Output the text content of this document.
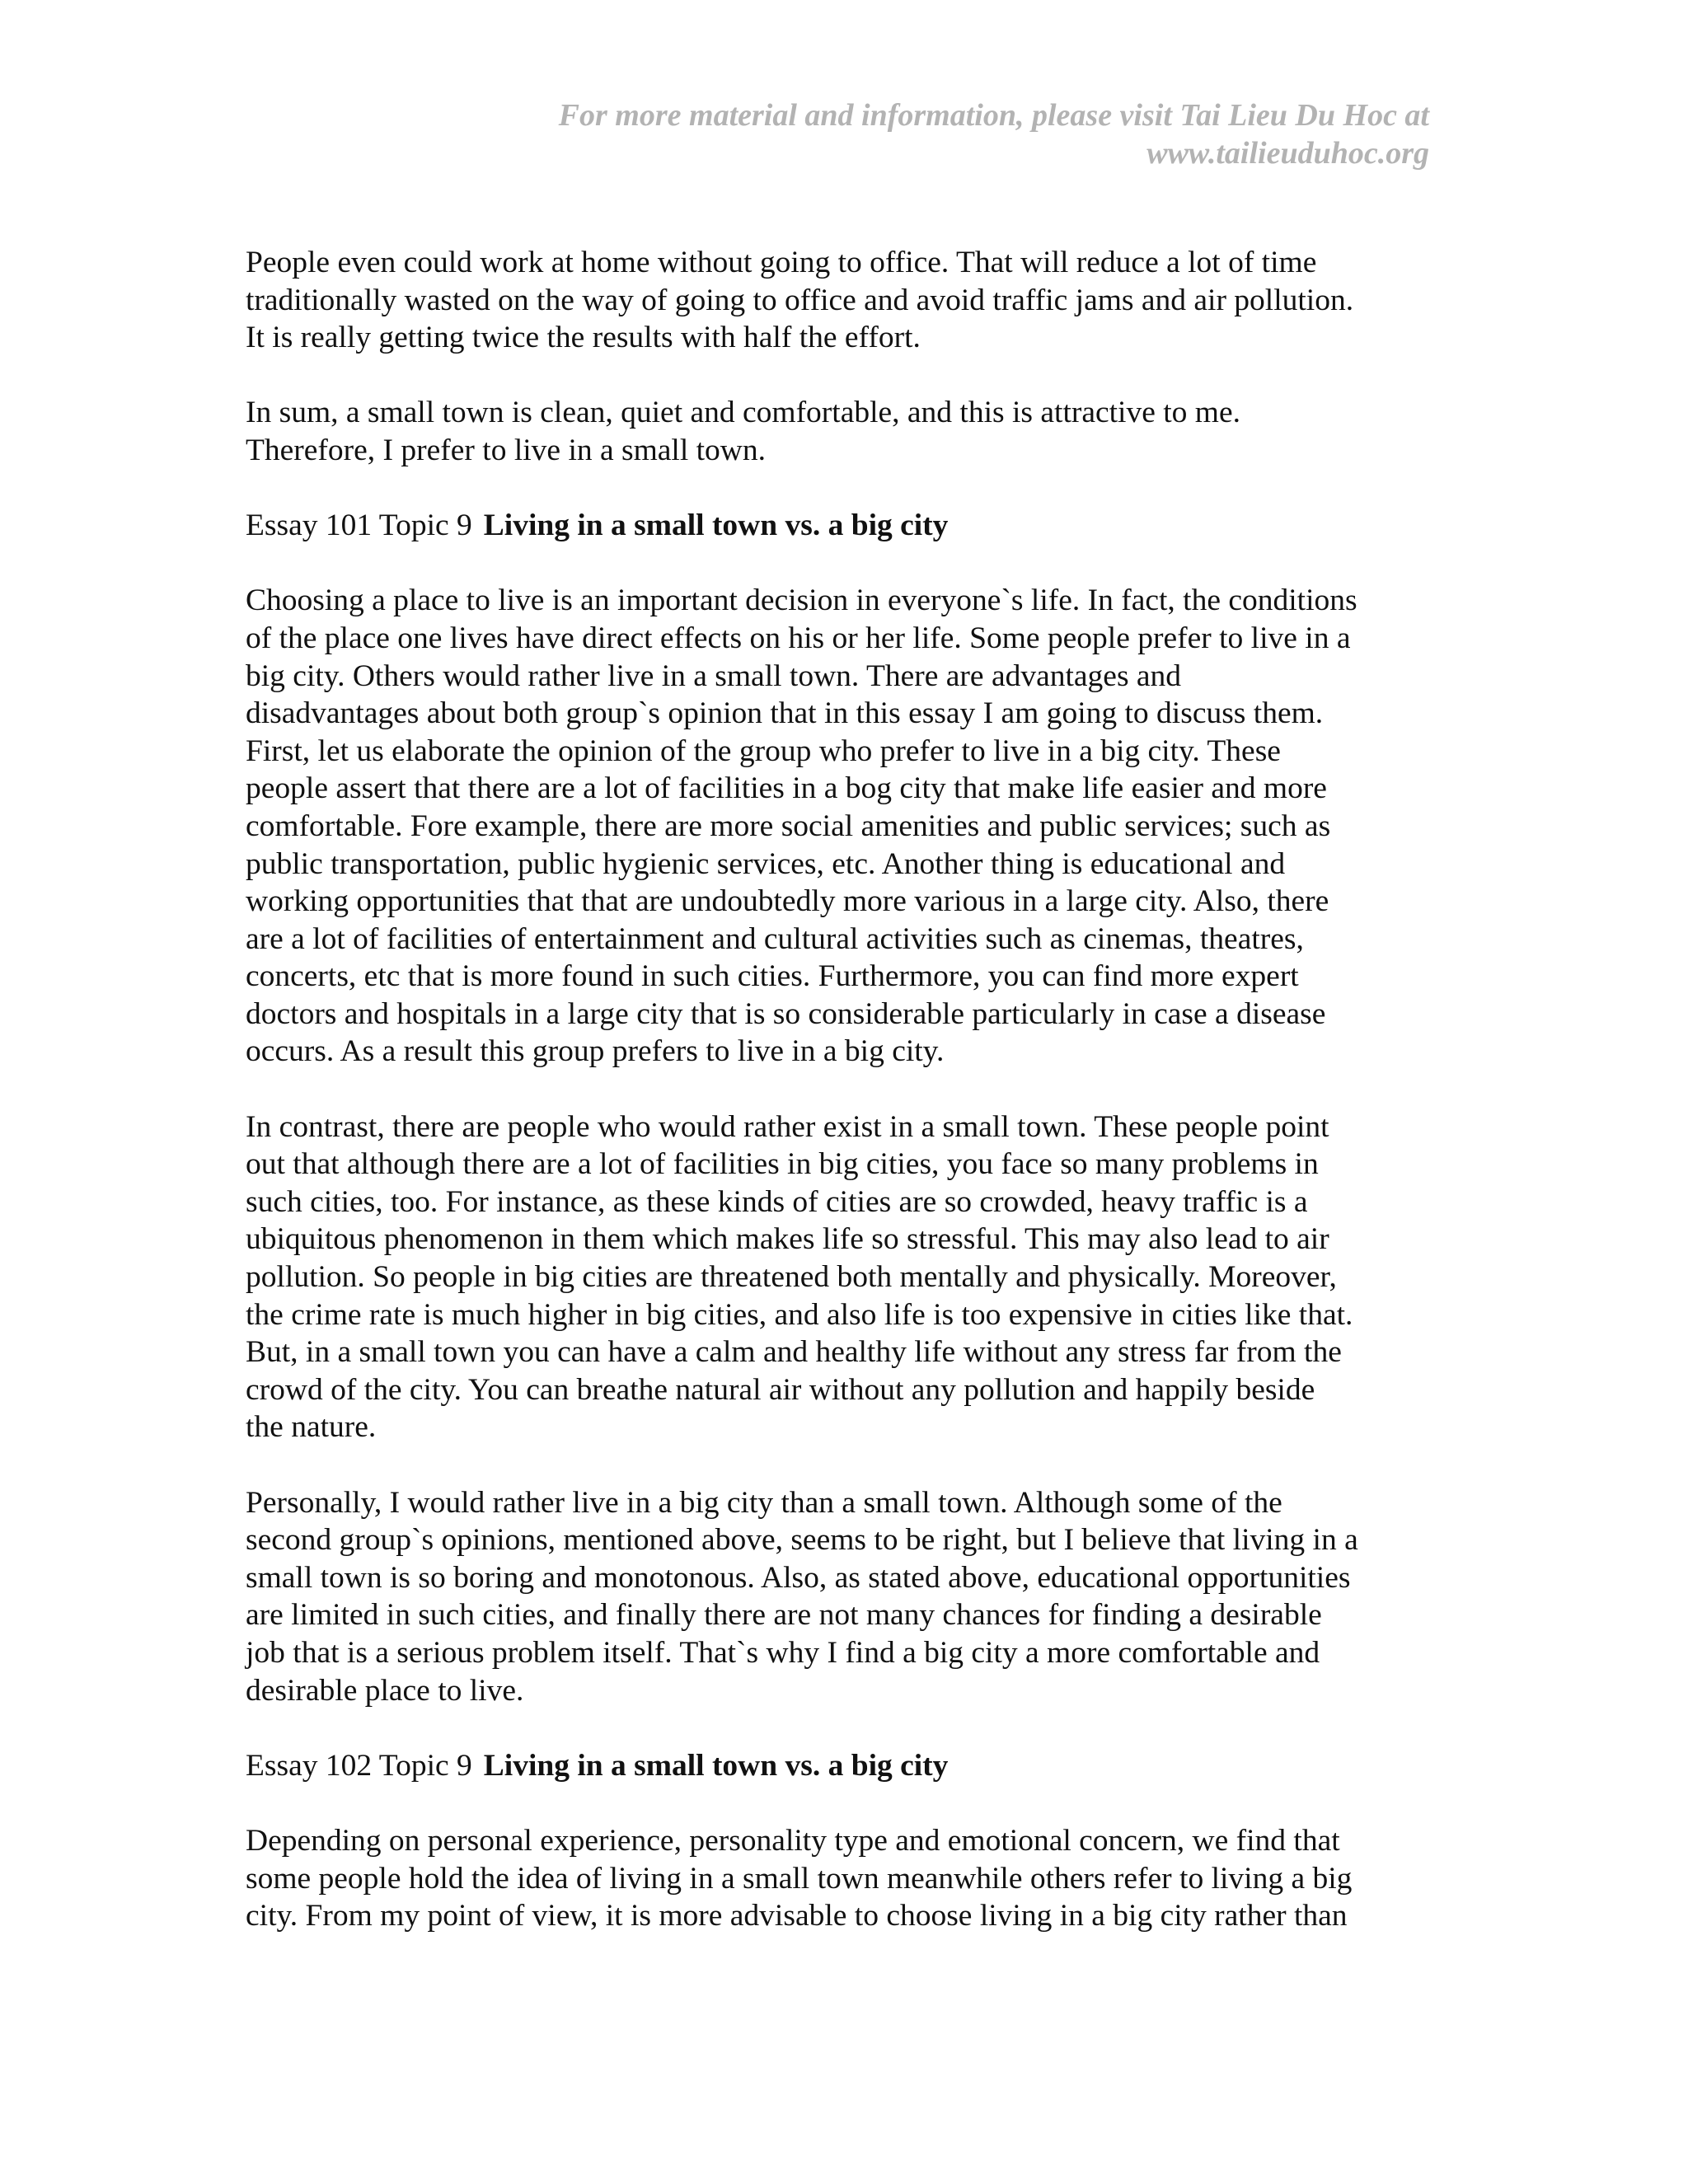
For more material and information, please visit Tai Lieu Du Hoc at
www.tailieuduhoc.org
People even could work at home without going to office. That will reduce a lot of time
traditionally wasted on the way of going to office and avoid traffic jams and air pollution.
It is really getting twice the results with half the effort.
In sum, a small town is clean, quiet and comfortable, and this is attractive to me.
Therefore, I prefer to live in a small town.
Essay 101 Topic 9 Living in a small town vs. a big city
Choosing a place to live is an important decision in everyone`s life. In fact, the conditions
of the place one lives have direct effects on his or her life. Some people prefer to live in a
big city. Others would rather live in a small town. There are advantages and
disadvantages about both group`s opinion that in this essay I am going to discuss them.
First, let us elaborate the opinion of the group who prefer to live in a big city. These
people assert that there are a lot of facilities in a bog city that make life easier and more
comfortable. Fore example, there are more social amenities and public services; such as
public transportation, public hygienic services, etc. Another thing is educational and
working opportunities that that are undoubtedly more various in a large city. Also, there
are a lot of facilities of entertainment and cultural activities such as cinemas, theatres,
concerts, etc that is more found in such cities. Furthermore, you can find more expert
doctors and hospitals in a large city that is so considerable particularly in case a disease
occurs. As a result this group prefers to live in a big city.
In contrast, there are people who would rather exist in a small town. These people point
out that although there are a lot of facilities in big cities, you face so many problems in
such cities, too. For instance, as these kinds of cities are so crowded, heavy traffic is a
ubiquitous phenomenon in them which makes life so stressful. This may also lead to air
pollution. So people in big cities are threatened both mentally and physically. Moreover,
the crime rate is much higher in big cities, and also life is too expensive in cities like that.
But, in a small town you can have a calm and healthy life without any stress far from the
crowd of the city. You can breathe natural air without any pollution and happily beside
the nature.
Personally, I would rather live in a big city than a small town. Although some of the
second group`s opinions, mentioned above, seems to be right, but I believe that living in a
small town is so boring and monotonous. Also, as stated above, educational opportunities
are limited in such cities, and finally there are not many chances for finding a desirable
job that is a serious problem itself. That`s why I find a big city a more comfortable and
desirable place to live.
Essay 102 Topic 9 Living in a small town vs. a big city
Depending on personal experience, personality type and emotional concern, we find that
some people hold the idea of living in a small town meanwhile others refer to living a big
city. From my point of view, it is more advisable to choose living in a big city rather than
